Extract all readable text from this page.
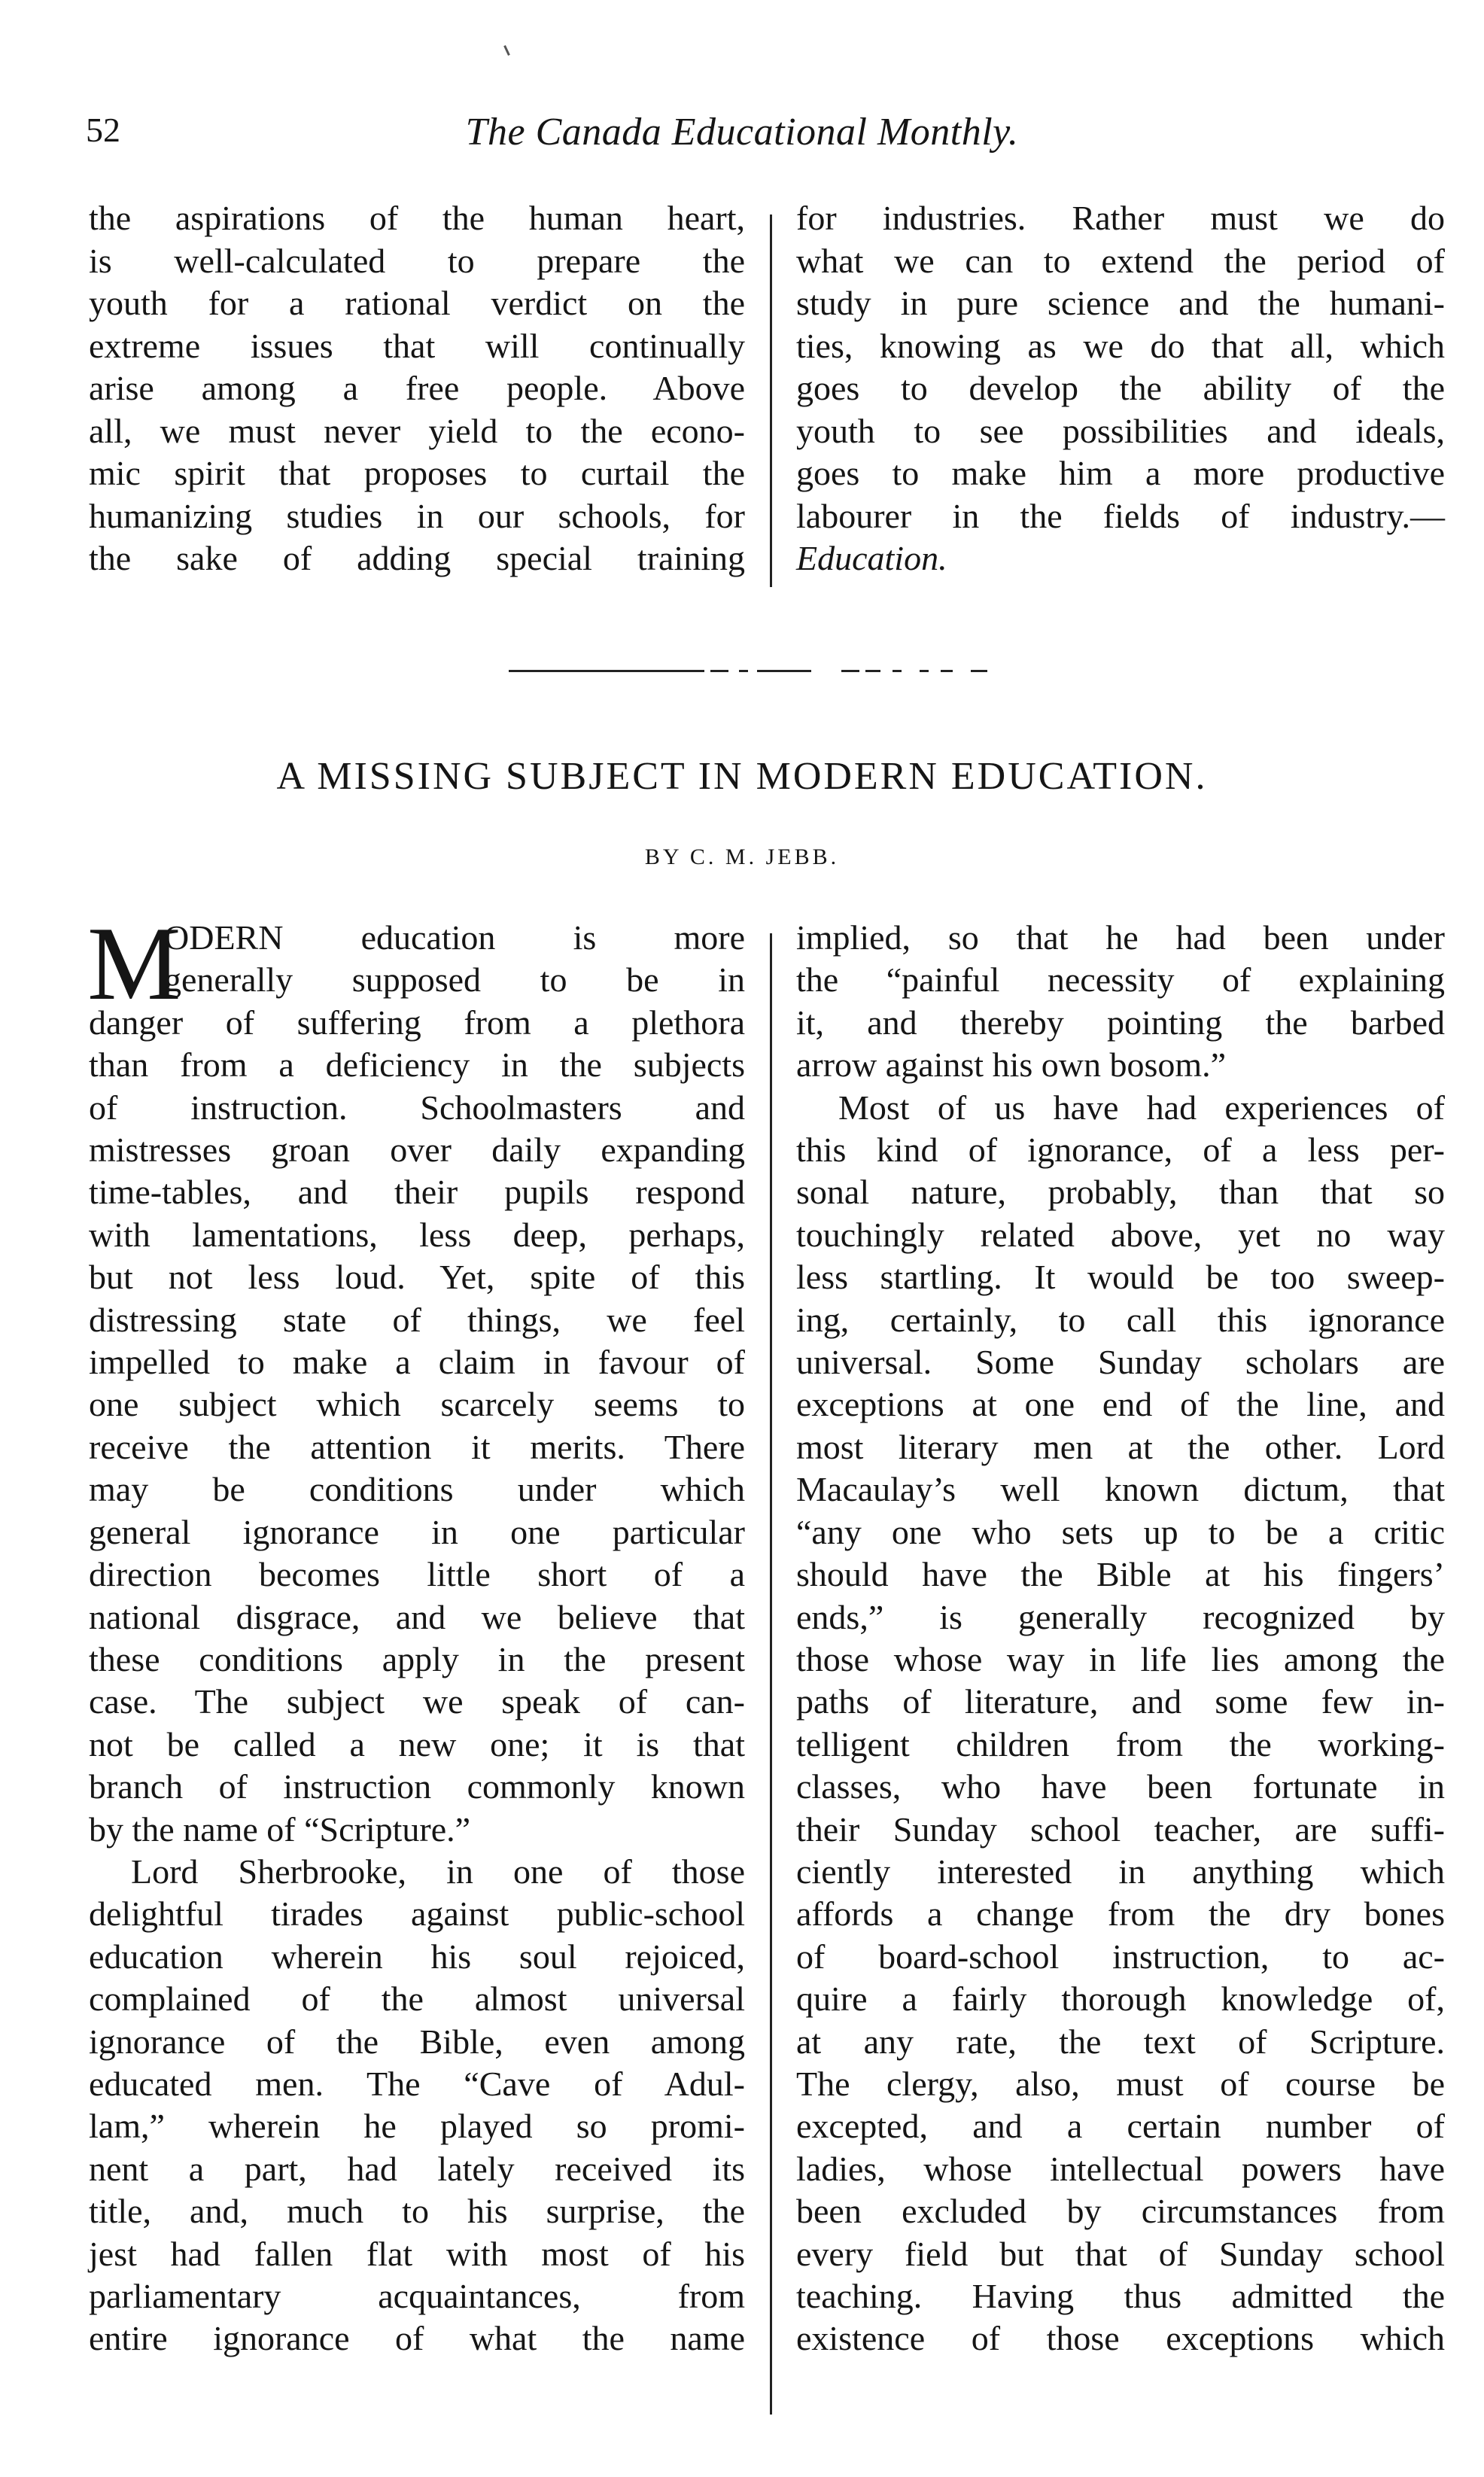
52	The Canada Educational Monthly.
the aspirations of the human heart,
is well-calculated to prepare the
youth for a rational verdict on the
extreme issues that will continually
arise among a free people. Above
all, we must never yield to the econo-
mic spirit that proposes to curtail the
humanizing studies in our schools, for
the sake of adding special training
for industries. Rather must we do
what we can to extend the period of
study in pure science and the humani-
ties, knowing as we do that all, which
goes to develop the ability of the
youth to see possibilities and ideals,
goes to make him a more productive
labourer in the fields of industry.—
Education.
A MISSING SUBJECT IN MODERN EDUCATION.
BY C. M. JEBB.
M
ODERN education is more
generally supposed to be in
danger of suffering from a plethora
than from a deficiency in the subjects
of instruction. Schoolmasters and
mistresses groan over daily expanding
time-tables, and their pupils respond
with lamentations, less deep, perhaps,
but not less loud. Yet, spite of this
distressing state of things, we feel
impelled to make a claim in favour of
one subject which scarcely seems to
receive the attention it merits. There
may be conditions under which
general ignorance in one particular
direction becomes little short of a
national disgrace, and we believe that
these conditions apply in the present
case. The subject we speak of can-
not be called a new one; it is that
branch of instruction commonly known
by the name of “Scripture.”
Lord Sherbrooke, in one of those
delightful tirades against public-school
education wherein his soul rejoiced,
complained of the almost universal
ignorance of the Bible, even among
educated men. The “Cave of Adul-
lam,” wherein he played so promi-
nent a part, had lately received its
title, and, much to his surprise, the
jest had fallen flat with most of his
parliamentary acquaintances, from
entire ignorance of what the name
implied, so that he had been under
the “painful necessity of explaining
it, and thereby pointing the barbed
arrow against his own bosom.”
Most of us have had experiences of
this kind of ignorance, of a less per-
sonal nature, probably, than that so
touchingly related above, yet no way
less startling. It would be too sweep-
ing, certainly, to call this ignorance
universal. Some Sunday scholars are
exceptions at one end of the line, and
most literary men at the other. Lord
Macaulay’s well known dictum, that
“any one who sets up to be a critic
should have the Bible at his fingers’
ends,” is generally recognized by
those whose way in life lies among the
paths of literature, and some few in-
telligent children from the working-
classes, who have been fortunate in
their Sunday school teacher, are suffi-
ciently interested in anything which
affords a change from the dry bones
of board-school instruction, to ac-
quire a fairly thorough knowledge of,
at any rate, the text of Scripture.
The clergy, also, must of course be
excepted, and a certain number of
ladies, whose intellectual powers have
been excluded by circumstances from
every field but that of Sunday school
teaching. Having thus admitted the
existence of those exceptions which
